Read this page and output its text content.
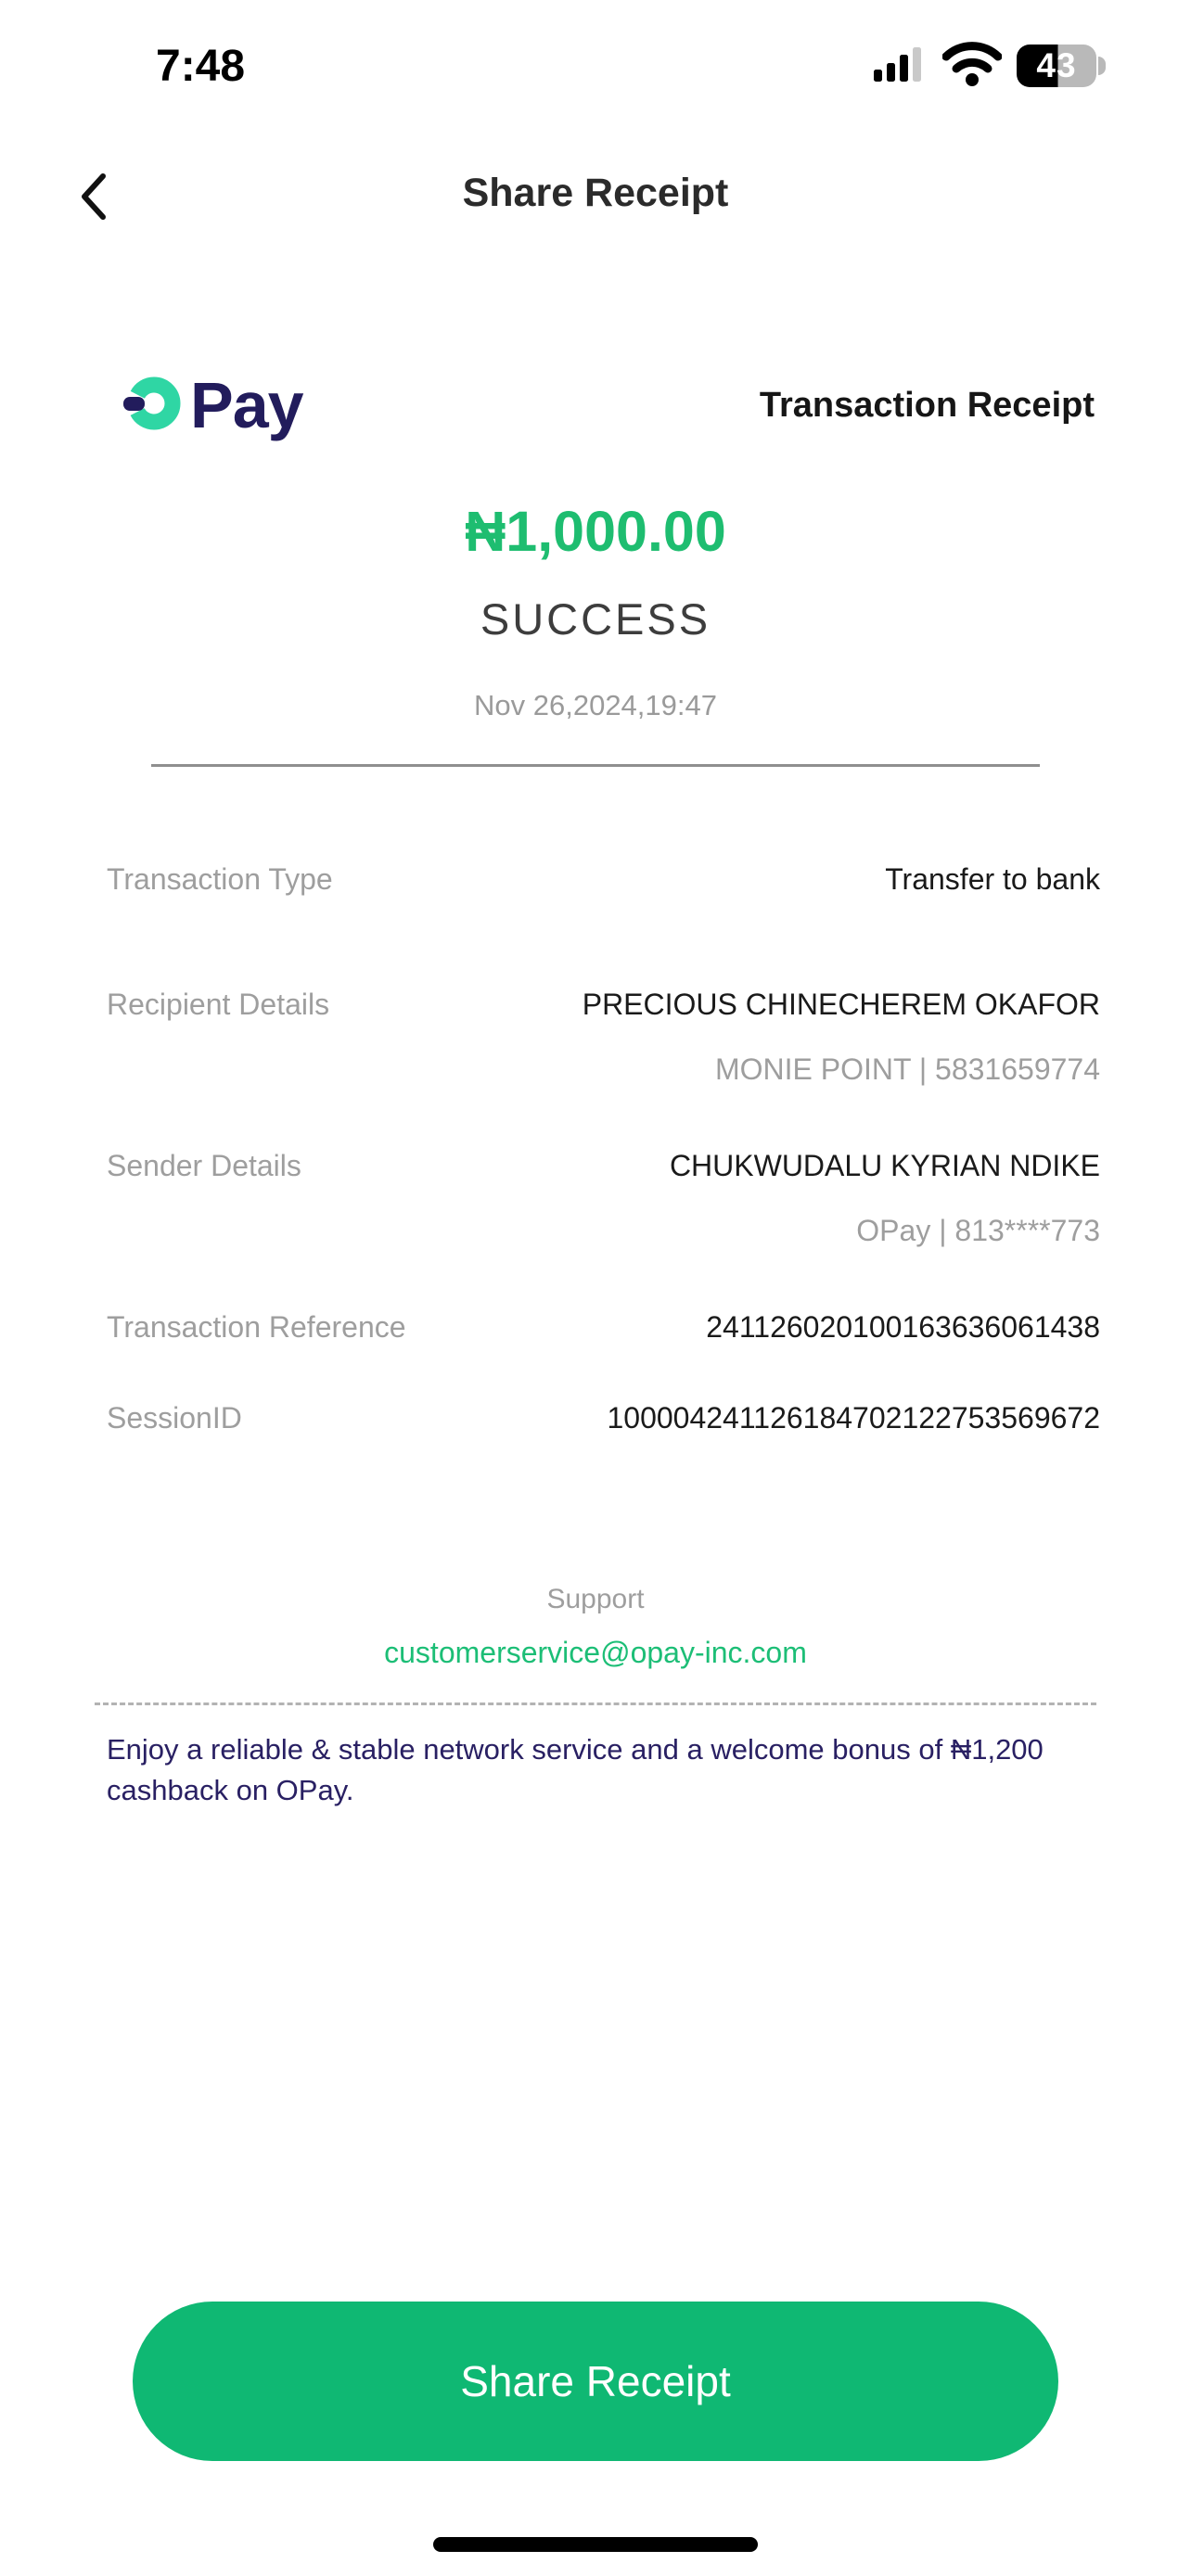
7:48	43
Share Receipt
Pay	Transaction Receipt
₦1,000.00
SUCCESS
Nov 26,2024,19:47
Transaction Type	Transfer to bank
Recipient Details	PRECIOUS CHINECHEREM OKAFOR
MONIE POINT | 5831659774
Sender Details	CHUKWUDALU KYRIAN NDIKE
OPay | 813****773
Transaction Reference	241126020100163636061438
SessionID	100004241126184702122753569672
Support
customerservice@opay-inc.com

Enjoy a reliable & stable network service and a welcome bonus of ₦1,200 cashback on OPay.

Share Receipt
